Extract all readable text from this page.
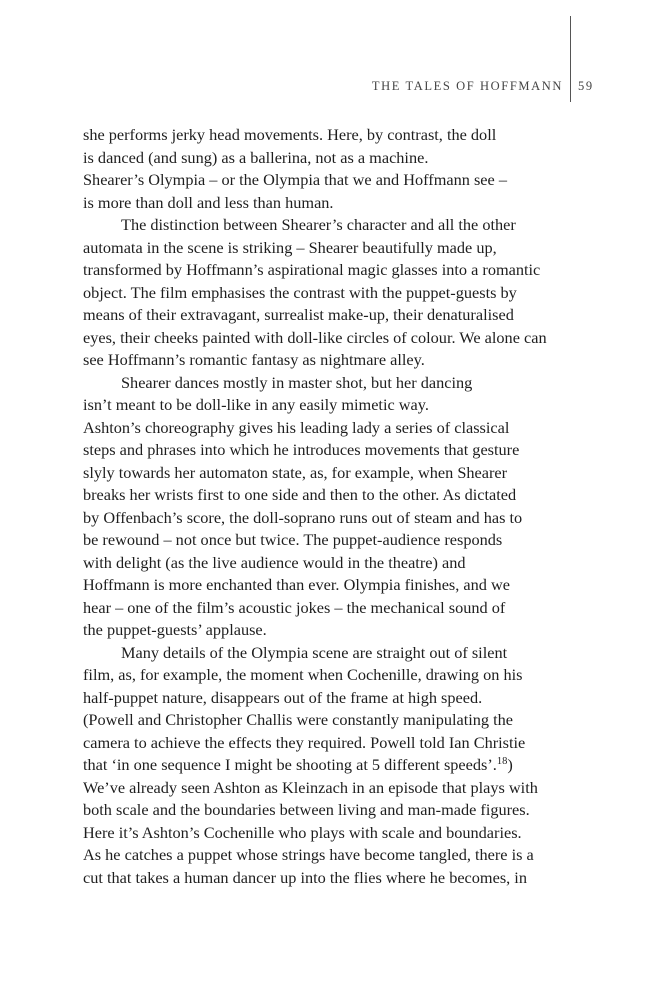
THE TALES OF HOFFMANN 59
she performs jerky head movements. Here, by contrast, the doll
is danced (and sung) as a ballerina, not as a machine.
Shearer’s Olympia – or the Olympia that we and Hoffmann see –
is more than doll and less than human.
The distinction between Shearer’s character and all the other
automata in the scene is striking – Shearer beautifully made up,
transformed by Hoffmann’s aspirational magic glasses into a romantic
object. The film emphasises the contrast with the puppet-guests by
means of their extravagant, surrealist make-up, their denaturalised
eyes, their cheeks painted with doll-like circles of colour. We alone can
see Hoffmann’s romantic fantasy as nightmare alley.
Shearer dances mostly in master shot, but her dancing
isn’t meant to be doll-like in any easily mimetic way.
Ashton’s choreography gives his leading lady a series of classical
steps and phrases into which he introduces movements that gesture
slyly towards her automaton state, as, for example, when Shearer
breaks her wrists first to one side and then to the other. As dictated
by Offenbach’s score, the doll-soprano runs out of steam and has to
be rewound – not once but twice. The puppet-audience responds
with delight (as the live audience would in the theatre) and
Hoffmann is more enchanted than ever. Olympia finishes, and we
hear – one of the film’s acoustic jokes – the mechanical sound of
the puppet-guests’ applause.
Many details of the Olympia scene are straight out of silent
film, as, for example, the moment when Cochenille, drawing on his
half-puppet nature, disappears out of the frame at high speed.
(Powell and Christopher Challis were constantly manipulating the
camera to achieve the effects they required. Powell told Ian Christie
that ‘in one sequence I might be shooting at 5 different speeds’.$^{18}$)
We’ve already seen Ashton as Kleinzach in an episode that plays with
both scale and the boundaries between living and man-made figures.
Here it’s Ashton’s Cochenille who plays with scale and boundaries.
As he catches a puppet whose strings have become tangled, there is a
cut that takes a human dancer up into the flies where he becomes, in
